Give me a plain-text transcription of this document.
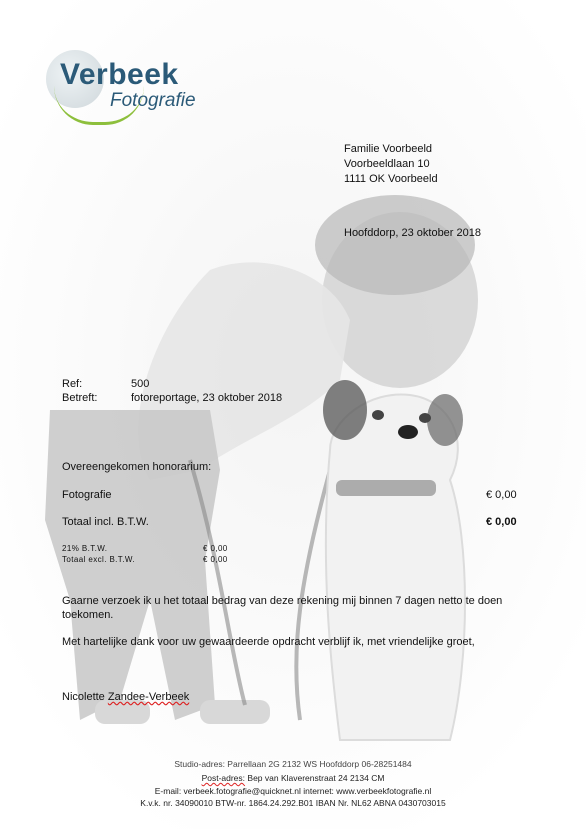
Verbeek
Fotografie
Familie Voorbeeld
Voorbeeldlaan 10
1111 OK Voorbeeld
Hoofddorp, 23 oktober 2018
Ref:	500
Betreft:	fotoreportage, 23 oktober 2018
Overeengekomen honorarium:
Fotografie	€ 0,00
Totaal incl. B.T.W.	€ 0,00
21% B.T.W.	€ 0,00
Totaal excl. B.T.W.	€ 0,00
Gaarne verzoek ik u het totaal bedrag van deze rekening mij binnen 7 dagen netto te doen
toekomen.
Met hartelijke dank voor uw gewaardeerde opdracht verblijf ik, met vriendelijke groet,
Nicolette Zandee-Verbeek
Studio-adres: Parrellaan 2G 2132 WS Hoofddorp 06-28251484
Post-adres: Bep van Klaverenstraat 24 2134 CM
E-mail: verbeek.fotografie@quicknet.nl internet: www.verbeekfotografie.nl
K.v.k. nr. 34090010 BTW-nr. 1864.24.292.B01 IBAN Nr. NL62 ABNA 0430703015
